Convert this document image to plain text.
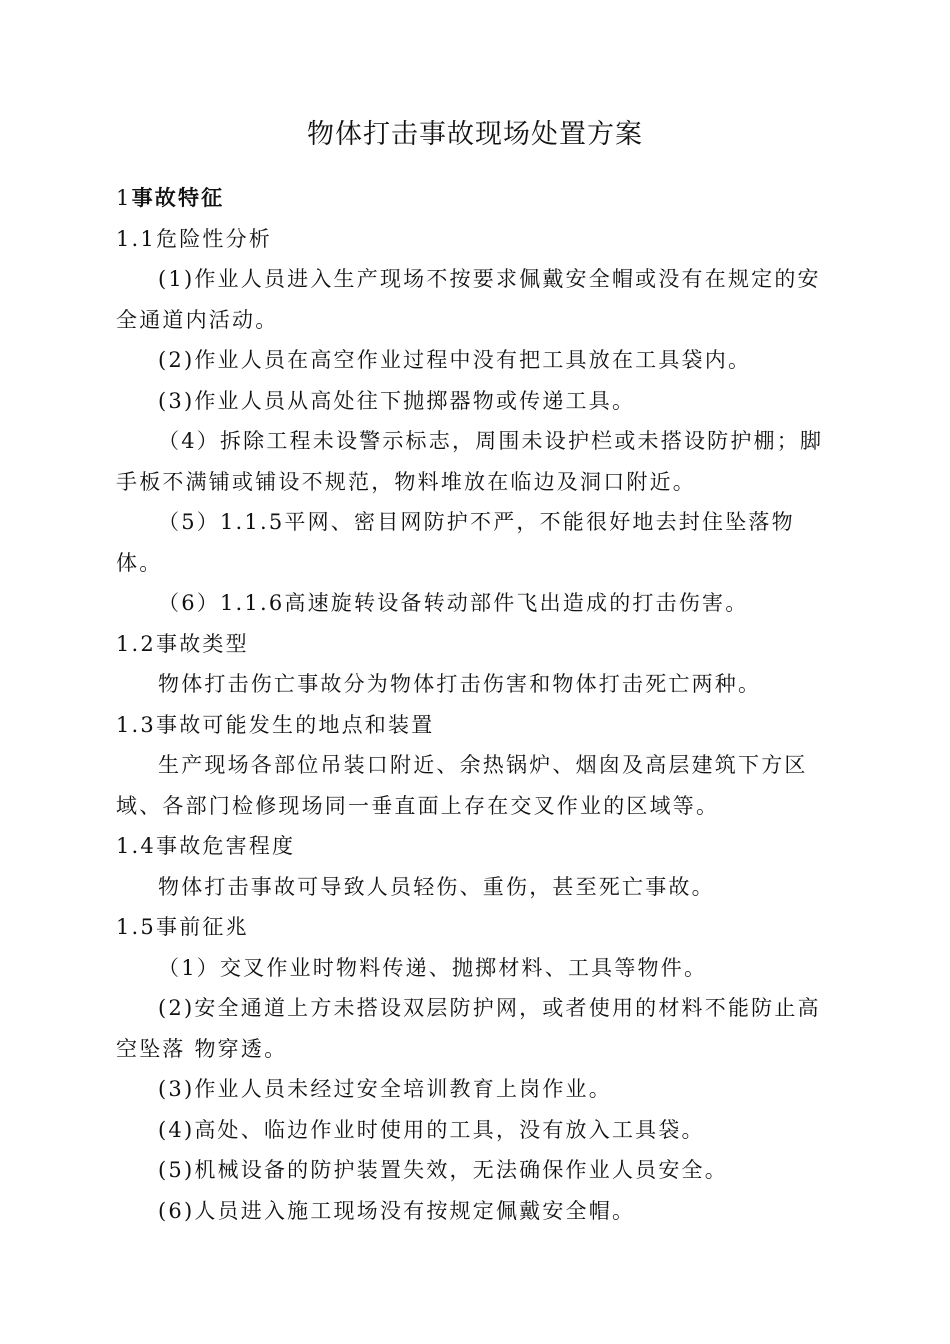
物体打击事故现场处置方案

1事故特征

1.1危险性分析

(1)作业人员进入生产现场不按要求佩戴安全帽或没有在规定的安全通道内活动。

(2)作业人员在高空作业过程中没有把工具放在工具袋内。

(3)作业人员从高处往下抛掷器物或传递工具。

（4）拆除工程未设警示标志，周围未设护栏或未搭设防护棚；脚手板不满铺或铺设不规范，物料堆放在临边及洞口附近。

（5）1.1.5平网、密目网防护不严，不能很好地去封住坠落物体。

（6）1.1.6高速旋转设备转动部件飞出造成的打击伤害。

1.2事故类型

物体打击伤亡事故分为物体打击伤害和物体打击死亡两种。

1.3事故可能发生的地点和装置

生产现场各部位吊装口附近、余热锅炉、烟囱及高层建筑下方区域、各部门检修现场同一垂直面上存在交叉作业的区域等。

1.4事故危害程度

物体打击事故可导致人员轻伤、重伤，甚至死亡事故。

1.5事前征兆

（1）交叉作业时物料传递、抛掷材料、工具等物件。

(2)安全通道上方未搭设双层防护网，或者使用的材料不能防止高空坠落 物穿透。

(3)作业人员未经过安全培训教育上岗作业。

(4)高处、临边作业时使用的工具，没有放入工具袋。

(5)机械设备的防护装置失效，无法确保作业人员安全。

(6)人员进入施工现场没有按规定佩戴安全帽。
